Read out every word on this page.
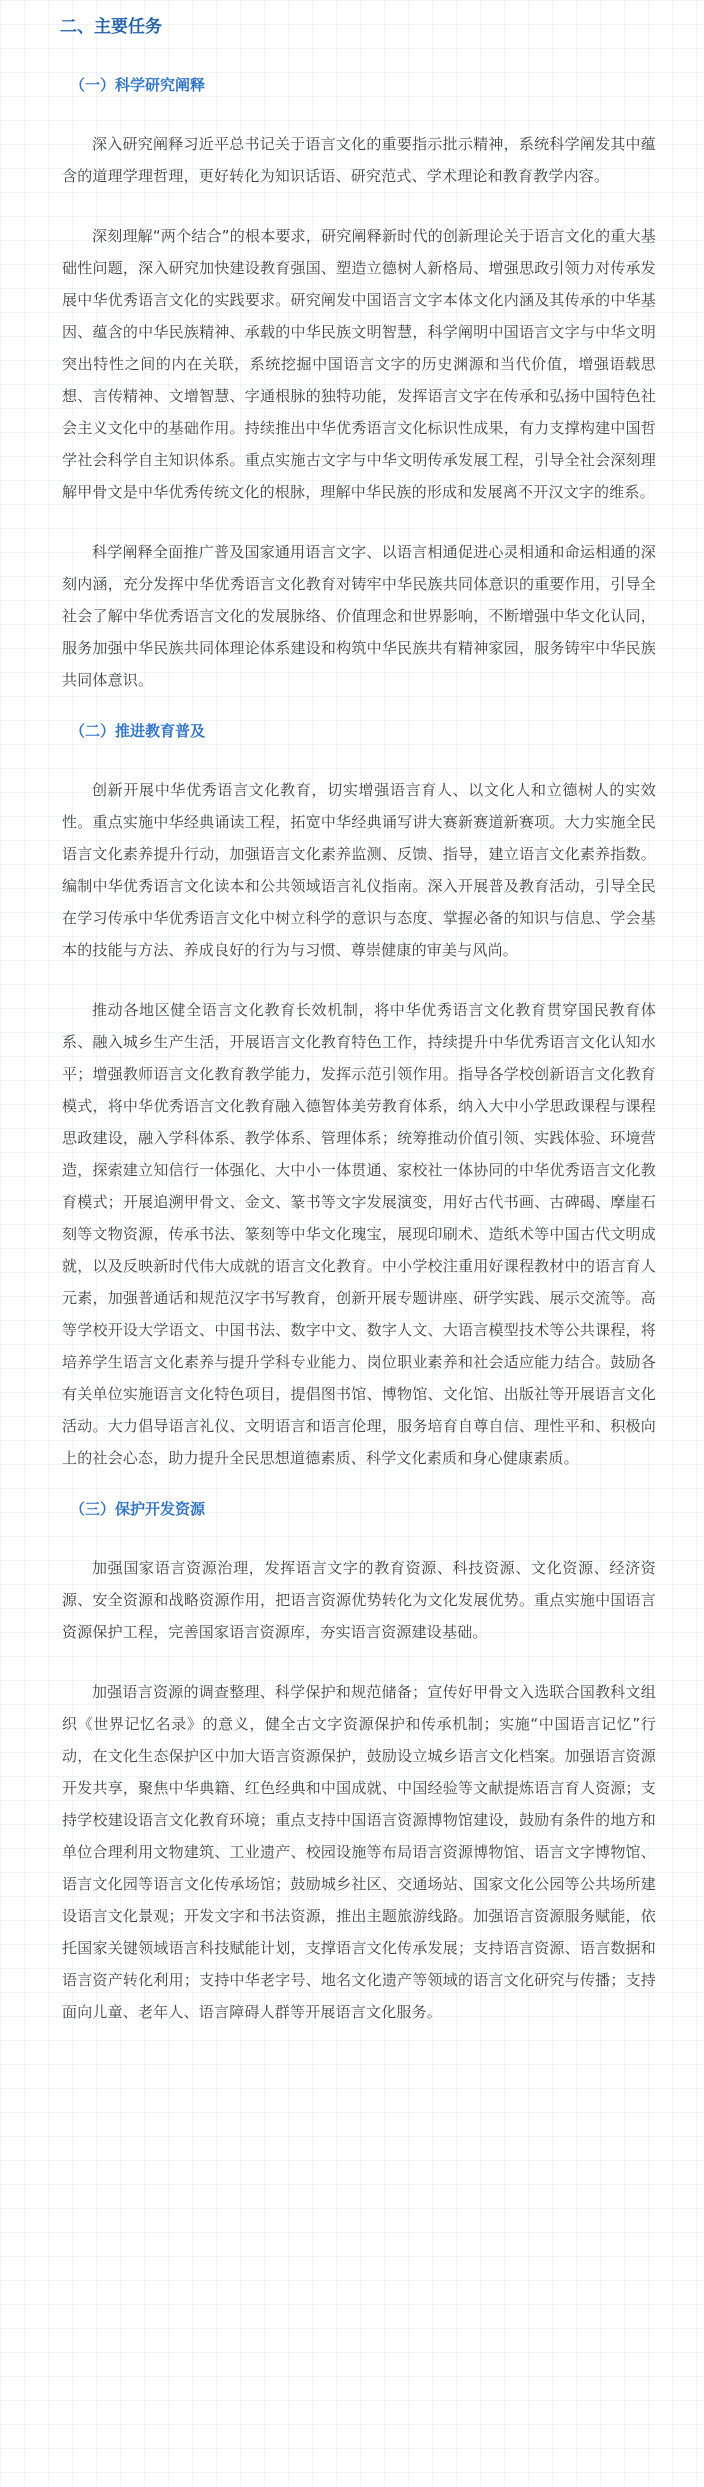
二、主要任务
（一）科学研究阐释

深入研究阐释习近平总书记关于语言文化的重要指示批示精神，系统科学阐发其中蕴含的道理学理哲理，更好转化为知识话语、研究范式、学术理论和教育教学内容。

深刻理解“两个结合”的根本要求，研究阐释新时代的创新理论关于语言文化的重大基础性问题，深入研究加快建设教育强国、塑造立德树人新格局、增强思政引领力对传承发展中华优秀语言文化的实践要求。研究阐发中国语言文字本体文化内涵及其传承的中华基因、蕴含的中华民族精神、承载的中华民族文明智慧，科学阐明中国语言文字与中华文明突出特性之间的内在关联，系统挖掘中国语言文字的历史渊源和当代价值，增强语载思想、言传精神、文增智慧、字通根脉的独特功能，发挥语言文字在传承和弘扬中国特色社会主义文化中的基础作用。持续推出中华优秀语言文化标识性成果，有力支撑构建中国哲学社会科学自主知识体系。重点实施古文字与中华文明传承发展工程，引导全社会深刻理解甲骨文是中华优秀传统文化的根脉，理解中华民族的形成和发展离不开汉文字的维系。

科学阐释全面推广普及国家通用语言文字、以语言相通促进心灵相通和命运相通的深刻内涵，充分发挥中华优秀语言文化教育对铸牢中华民族共同体意识的重要作用，引导全社会了解中华优秀语言文化的发展脉络、价值理念和世界影响，不断增强中华文化认同，服务加强中华民族共同体理论体系建设和构筑中华民族共有精神家园，服务铸牢中华民族共同体意识。

（二）推进教育普及

创新开展中华优秀语言文化教育，切实增强语言育人、以文化人和立德树人的实效性。重点实施中华经典诵读工程，拓宽中华经典诵写讲大赛新赛道新赛项。大力实施全民语言文化素养提升行动，加强语言文化素养监测、反馈、指导，建立语言文化素养指数。编制中华优秀语言文化读本和公共领域语言礼仪指南。深入开展普及教育活动，引导全民在学习传承中华优秀语言文化中树立科学的意识与态度、掌握必备的知识与信息、学会基本的技能与方法、养成良好的行为与习惯、尊崇健康的审美与风尚。

推动各地区健全语言文化教育长效机制，将中华优秀语言文化教育贯穿国民教育体系、融入城乡生产生活，开展语言文化教育特色工作，持续提升中华优秀语言文化认知水平；增强教师语言文化教育教学能力，发挥示范引领作用。指导各学校创新语言文化教育模式，将中华优秀语言文化教育融入德智体美劳教育体系，纳入大中小学思政课程与课程思政建设，融入学科体系、教学体系、管理体系；统筹推动价值引领、实践体验、环境营造，探索建立知信行一体强化、大中小一体贯通、家校社一体协同的中华优秀语言文化教育模式；开展追溯甲骨文、金文、篆书等文字发展演变，用好古代书画、古碑碣、摩崖石刻等文物资源，传承书法、篆刻等中华文化瑰宝，展现印刷术、造纸术等中国古代文明成就，以及反映新时代伟大成就的语言文化教育。中小学校注重用好课程教材中的语言育人元素，加强普通话和规范汉字书写教育，创新开展专题讲座、研学实践、展示交流等。高等学校开设大学语文、中国书法、数字中文、数字人文、大语言模型技术等公共课程，将培养学生语言文化素养与提升学科专业能力、岗位职业素养和社会适应能力结合。鼓励各有关单位实施语言文化特色项目，提倡图书馆、博物馆、文化馆、出版社等开展语言文化活动。大力倡导语言礼仪、文明语言和语言伦理，服务培育自尊自信、理性平和、积极向上的社会心态，助力提升全民思想道德素质、科学文化素质和身心健康素质。

（三）保护开发资源

加强国家语言资源治理，发挥语言文字的教育资源、科技资源、文化资源、经济资源、安全资源和战略资源作用，把语言资源优势转化为文化发展优势。重点实施中国语言资源保护工程，完善国家语言资源库，夯实语言资源建设基础。

加强语言资源的调查整理、科学保护和规范储备；宣传好甲骨文入选联合国教科文组织《世界记忆名录》的意义，健全古文字资源保护和传承机制；实施“中国语言记忆”行动，在文化生态保护区中加大语言资源保护，鼓励设立城乡语言文化档案。加强语言资源开发共享，聚焦中华典籍、红色经典和中国成就、中国经验等文献提炼语言育人资源；支持学校建设语言文化教育环境；重点支持中国语言资源博物馆建设，鼓励有条件的地方和单位合理利用文物建筑、工业遗产、校园设施等布局语言资源博物馆、语言文字博物馆、语言文化园等语言文化传承场馆；鼓励城乡社区、交通场站、国家文化公园等公共场所建设语言文化景观；开发文字和书法资源，推出主题旅游线路。加强语言资源服务赋能，依托国家关键领域语言科技赋能计划，支撑语言文化传承发展；支持语言资源、语言数据和语言资产转化利用；支持中华老字号、地名文化遗产等领域的语言文化研究与传播；支持面向儿童、老年人、语言障碍人群等开展语言文化服务。
